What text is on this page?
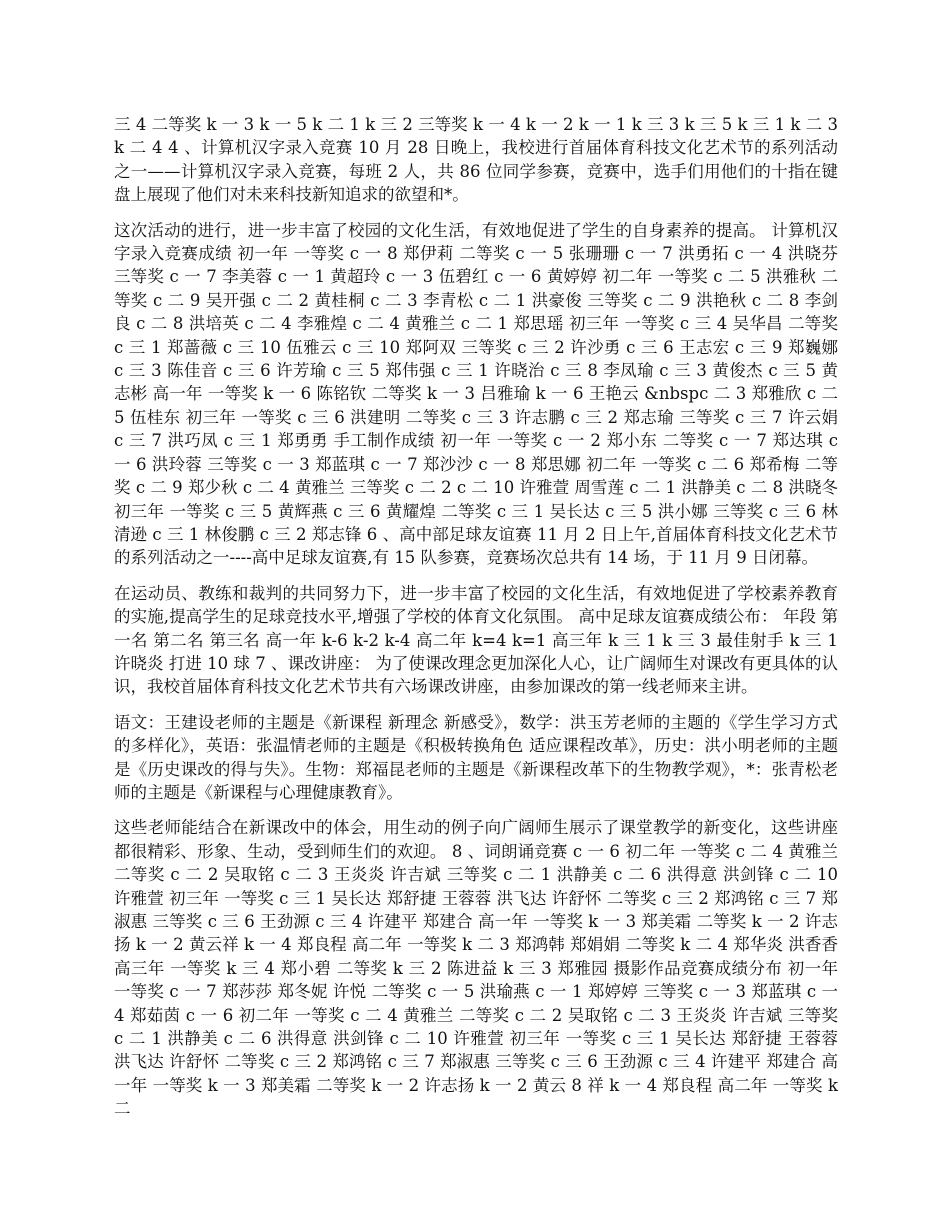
三 4 二等奖 k 一 3 k 一 5 k 二 1 k 三 2 三等奖 k 一 4 k 一 2 k 一 1 k 三 3 k 三 5 k 三 1 k 二 3 k 二 4 4 、计算机汉字录入竞赛 10 月 28 日晚上，我校进行首届体育科技文化艺术节的系列活动之一——计算机汉字录入竞赛，每班 2 人，共 86 位同学参赛，竞赛中，选手们用他们的十指在键盘上展现了他们对未来科技新知追求的欲望和*。

这次活动的进行，进一步丰富了校园的文化生活，有效地促进了学生的自身素养的提高。 计算机汉字录入竞赛成绩 初一年 一等奖 c 一 8 郑伊莉 二等奖 c 一 5 张珊珊 c 一 7 洪勇拓 c 一 4 洪晓芬 三等奖 c 一 7 李美蓉 c 一 1 黄超玲 c 一 3 伍碧红 c 一 6 黄婷婷 初二年 一等奖 c 二 5 洪雅秋 二等奖 c 二 9 吴开强 c 二 2 黄桂桐 c 二 3 李青松 c 二 1 洪豪俊 三等奖 c 二 9 洪艳秋 c 二 8 李剑良 c 二 8 洪培英 c 二 4 李雅煌 c 二 4 黄雅兰 c 二 1 郑思瑶 初三年 一等奖 c 三 4 吴华昌 二等奖 c 三 1 郑蔷薇 c 三 10 伍雅云 c 三 10 郑阿双 三等奖 c 三 2 许沙勇 c 三 6 王志宏 c 三 9 郑巍娜 c 三 3 陈佳音 c 三 6 许芳瑜 c 三 5 郑伟强 c 三 1 许晓治 c 三 8 李凤瑜 c 三 3 黄俊杰 c 三 5 黄志彬 高一年 一等奖 k 一 6 陈铭钦 二等奖 k 一 3 吕雅瑜 k 一 6 王艳云 &nbspc 二 3 郑雅欣 c 二 5 伍桂东 初三年 一等奖 c 三 6 洪建明 二等奖 c 三 3 许志鹏 c 三 2 郑志瑜 三等奖 c 三 7 许云娟 c 三 7 洪巧凤 c 三 1 郑勇勇 手工制作成绩 初一年 一等奖 c 一 2 郑小东 二等奖 c 一 7 郑达琪 c 一 6 洪玲蓉 三等奖 c 一 3 郑蓝琪 c 一 7 郑沙沙 c 一 8 郑思娜 初二年 一等奖 c 二 6 郑希梅 二等奖 c 二 9 郑少秋 c 二 4 黄雅兰 三等奖 c 二 2 c 二 10 许雅萱 周雪莲 c 二 1 洪静美 c 二 8 洪晓冬 初三年 一等奖 c 三 5 黄辉燕 c 三 6 黄耀煌 二等奖 c 三 1 吴长达 c 三 5 洪小娜 三等奖 c 三 6 林清逊 c 三 1 林俊鹏 c 三 2 郑志锋 6 、高中部足球友谊赛 11 月 2 日上午,首届体育科技文化艺术节的系列活动之一----高中足球友谊赛,有 15 队参赛，竞赛场次总共有 14 场，于 11 月 9 日闭幕。

在运动员、教练和裁判的共同努力下，进一步丰富了校园的文化生活，有效地促进了学校素养教育的实施,提高学生的足球竞技水平,增强了学校的体育文化氛围。 高中足球友谊赛成绩公布： 年段 第一名 第二名 第三名 高一年 k-6 k-2 k-4 高二年 k=4 k=1 高三年 k 三 1 k 三 3 最佳射手 k 三 1 许晓炎 打进 10 球 7 、课改讲座： 为了使课改理念更加深化人心，让广阔师生对课改有更具体的认识，我校首届体育科技文化艺术节共有六场课改讲座，由参加课改的第一线老师来主讲。

语文：王建设老师的主题是《新课程 新理念 新感受》，数学：洪玉芳老师的主题的《学生学习方式的多样化》，英语：张温情老师的主题是《积极转换角色 适应课程改革》，历史：洪小明老师的主题是《历史课改的得与失》。生物：郑福昆老师的主题是《新课程改革下的生物教学观》，*：张青松老师的主题是《新课程与心理健康教育》。

这些老师能结合在新课改中的体会，用生动的例子向广阔师生展示了课堂教学的新变化，这些讲座都很精彩、形象、生动，受到师生们的欢迎。 8 、词朗诵竞赛 c 一 6 初二年 一等奖 c 二 4 黄雅兰 二等奖 c 二 2 吴取铭 c 二 3 王炎炎 许吉斌 三等奖 c 二 1 洪静美 c 二 6 洪得意 洪剑锋 c 二 10 许雅萱 初三年 一等奖 c 三 1 吴长达 郑舒捷 王蓉蓉 洪飞达 许舒怀 二等奖 c 三 2 郑鸿铭 c 三 7 郑淑惠 三等奖 c 三 6 王劲源 c 三 4 许建平 郑建合 高一年 一等奖 k 一 3 郑美霜 二等奖 k 一 2 许志扬 k 一 2 黄云祥 k 一 4 郑良程 高二年 一等奖 k 二 3 郑鸿韩 郑娟娟 二等奖 k 二 4 郑华炎 洪香香 高三年 一等奖 k 三 4 郑小碧 二等奖 k 三 2 陈进益 k 三 3 郑雅园 摄影作品竞赛成绩分布 初一年 一等奖 c 一 7 郑莎莎 郑冬妮 许悦 二等奖 c 一 5 洪瑜燕 c 一 1 郑婷婷 三等奖 c 一 3 郑蓝琪 c 一 4 郑茹茵 c 一 6 初二年 一等奖 c 二 4 黄雅兰 二等奖 c 二 2 吴取铭 c 二 3 王炎炎 许吉斌 三等奖 c 二 1 洪静美 c 二 6 洪得意 洪剑锋 c 二 10 许雅萱 初三年 一等奖 c 三 1 吴长达 郑舒捷 王蓉蓉 洪飞达 许舒怀 二等奖 c 三 2 郑鸿铭 c 三 7 郑淑惠 三等奖 c 三 6 王劲源 c 三 4 许建平 郑建合 高一年 一等奖 k 一 3 郑美霜 二等奖 k 一 2 许志扬 k 一 2 黄云 8 祥 k 一 4 郑良程 高二年 一等奖 k 二
